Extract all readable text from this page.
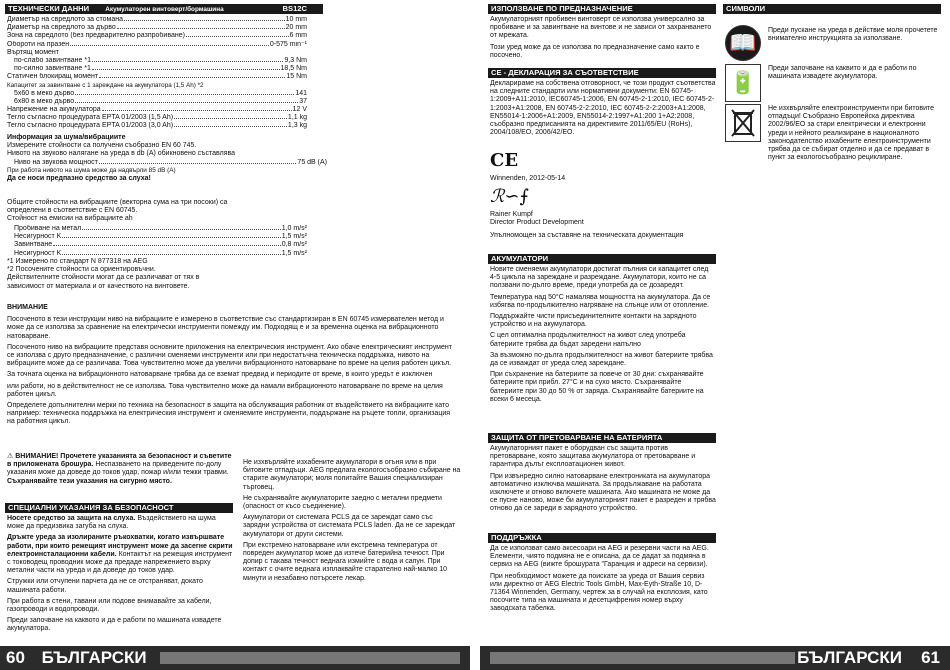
ТЕХНИЧЕСКИ ДАННИ	Акумулаторен винтоверт/бормашина	BS12C
Диаметър на свредлото за стомана	10 mm
Диаметър на свредлото за дърво	20 mm
Зона на свредлото (без предварително разпробиване)	6 mm
Обороти на празен	0-575 min⁻¹
Въртящ момент
по-слабо завинтване *1	9,3 Nm
по-силно завинтване *1	18,5 Nm
Статичен блокиращ момент	15 Nm
Капацитет за завинтване с 1 зареждане на акумулатора (1,5 Ah) *2
5x60 в меко дърво	141
6x80 в меко дърво	37
Напрежение на акумулатора	12 V
Тегло съгласно процедурата EPTA 01/2003 (1,5 Ah)	1,1 kg
Тегло съгласно процедурата EPTA 01/2003 (3,0 Ah)	1,3 kg
Информация за шума/вибрациите
Измерените стойности са получени съобразно EN 60 745.
Нивото на звуково налягане на уреда в db (A) обикновено съставлява
Ниво на звукова мощност	75 dB (A)
При работа нивото на шума може да надвърли 85 dB (A)
Да се носи предпазно средство за слуха!
Общите стойности на вибрациите (векторна сума на три посоки) са определени в съответствие с EN 60745.
Стойност на емисии на вибрациите ah
Пробиване на метал	1,0 m/s²
Несигурност K	1,5 m/s²
Завинтване	0,8 m/s²
Несигурност K	1,5 m/s²
*1 Измерено по стандарт N 877318 на AEG
*2 Посочените стойности са ориентировъчни.
Действителните стойности могат да се различават от тях в зависимост от материала и от качеството на винтовете.
ВНИМАНИЕ

Посоченото в тези инструкции ниво на вибрациите е измерено в съответствие със стандартизиран в EN 60745 измервателен метод и може да се използва за сравнение на електрически инструменти помежду им. Подходящ е и за временна оценка на вибрационното натоварване.

Посоченото ниво на вибрациите представя основните приложения на електрическия инструмент. Ако обаче електрическият инструмент се използва с друго предназначение, с различни сменяеми инструменти или при недостатъчна техническа поддръжка, нивото на вибрациите може да се различава. Това чувствително може да увеличи вибрационното натоварване по време на целия работен цикъл.

За точната оценка на вибрационното натоварване трябва да се вземат предвид и периодите от време, в които уредът е изключен

или работи, но в действителност не се използва. Това чувствително може да намали вибрационното натоварване по време на целия работен цикъл.

Определете допълнителни мерки по техника на безопасност в защита на обслужващия работник от въздействието на вибрациите като например: техническа поддръжка на електрическия инструмент и сменяемите инструменти, поддържане на ръцете топли, организация на работния цикъл.

⚠ ВНИМАНИЕ! Прочетете указанията за безопасност и съветите в приложената брошура. Неспазването на приведените по-долу указания може да доведе до токов удар, пожар и/или тежки травми.
Съхранявайте тези указания на сигурно място.
СПЕЦИАЛНИ УКАЗАНИЯ ЗА БЕЗОПАСНОСТ

Носете средство за защита на слуха. Въздействието на шума може да предизвика загуба на слуха.

Дръжте уреда за изолираните ръкохватки, когато извършвате работи, при които режещият инструмент може да засегне скрити електроинсталационни кабели. Контактът на режещия инструмент с тоководещ проводник може да предаде напрежението върху метални части на уреда и да доведе до токов удар.

Стружки или отчупени парчета да не се отстраняват, докато машината работи.

При работа в стени, тавани или подове внимавайте за кабели, газопроводи и водопроводи.

Преди започване на каквото и да е работи по машината извадете акумулатора.

Не изхвърляйте изхабените акумулатори в огъня или в при битовите отпадъци. AEG предлага екологосъобразно събиране на старите акумулатори; моля попитайте Вашия специализиран търговец.

Не съхранявайте акумулаторите заедно с метални предмети (опасност от късо съединение).

Акумулатори от системата PCLS да се зареждат само със зарядни устройства от системата PCLS laden. Да не се зареждат акумулатори от други системи.

При екстремно натоварване или екстремна температура от повреден акумулатор може да изтече батерийна течност. При допир с такава течност веднага измийте с вода и сапун. При контакт с очите веднага изплаквайте старателно най-малко 10 минути и незабавно потърсете лекар.

60 БЪЛГАРСКИ
ИЗПОЛЗВАНЕ ПО ПРЕДНАЗНАЧЕНИЕ

Акумулаторният пробивен винтоверт се използва универсално за пробиване и за завинтване на винтове и не зависи от захранването от мрежата.

Този уред може да се използва по предназначение само както е посочено.

СЕ - ДЕКЛАРАЦИЯ ЗА СЪОТВЕТСТВИЕ

Декларираме на собствена отговорност, че този продукт съответства на следните стандарти или нормативни документи: EN 60745-1:2009+A11:2010, IEC60745-1:2006, EN 60745-2-1:2010, IEC 60745-2-1:2003+A1:2008, EN 60745-2-2:2010, IEC 60745-2-2:2003+A1:2008, EN55014-1:2006+A1:2009, EN55014-2:1997+A1:200 1+A2:2008, съобразно предписанията на директивите 2011/65/EU (RoHs), 2004/108/EO, 2006/42/EO.

CE
Winnenden, 2012-05-14
ℛ∽⨍
Rainer Kumpf
Director Product Development
Упълномощен за съставяне на техническата документация
АКУМУЛАТОРИ

Новите сменяеми акумулатори достигат пълния си капацитет след 4-5 цикъла на зареждане и разреждане. Акумулатори, които не са ползвани по-дълго време, преди употреба да се дозаредят.

Температура над 50°C намалява мощността на акумулатора. Да се избягва по-продължително нагряване на слънце или от отопление.

Поддържайте чисти присъединителните контакти на зарядното устройство и на акумулатора.

С цел оптимална продължителност на живот след употреба батериите трябва да бъдат заредени напълно

За възможно по-дълга продължителност на живот батериите трябва да се изваждат от уреда след зареждане.

При съхранение на батериите за повече от 30 дни: съхранявайте батериите при прибл. 27°C и на сухо място. Съхранявайте батериите при 30 до 50 % от заряда. Съхранявайте батериите на всеки 6 месеца.

ЗАЩИТА ОТ ПРЕТОВАРВАНЕ НА БАТЕРИЯТА

Акумулаторният пакет е оборудван със защита против претоварване, която защитава акумулатора от претоварване и гарантира дълъг експлоатационен живот.

При извънредно силно натоварване електрониката на акумулатора автоматично изключва машината. За продължаване на работата изключете и отново включете машината. Ако машината не може да се пусне наново, може би акумулаторният пакет е разреден и трябва отново да се зареди в зарядното устройство.

ПОДДРЪЖКА

Да се използват само аксесоари на AEG и резервни части на AEG. Елементи, чиято подмяна не е описана, да се дадат за подмяна в сервиз на AEG (вижте брошурата "Гаранция и адреси на сервизи).

При необходимост можете да поискате за уреда от Вашия сервиз или директно от AEG Electric Tools GmbH, Max-Eyth-Straße 10, D-71364 Winnenden, Germany, чертеж за в случай на експлозия, като посочите типа на машината и десетцифрения номер върху заводската табелка.

СИМВОЛИ
Преди пускане на уреда в действие моля прочетете внимателно инструкцията за използване.
Преди започване на каквито и да е работи по машината извадете акумулатора.
Не изхвърляйте електроинструменти при битовите отпадъци! Съобразно Европейска директива 2002/96/EO за стари електрически и електронни уреди и нейното реализиране в националното законодателство изхабените електроинструменти трябва да се събират отделно и да се предават в пункт за екологосъобразно рециклиране.
БЪЛГАРСКИ	61
📖
🔋
